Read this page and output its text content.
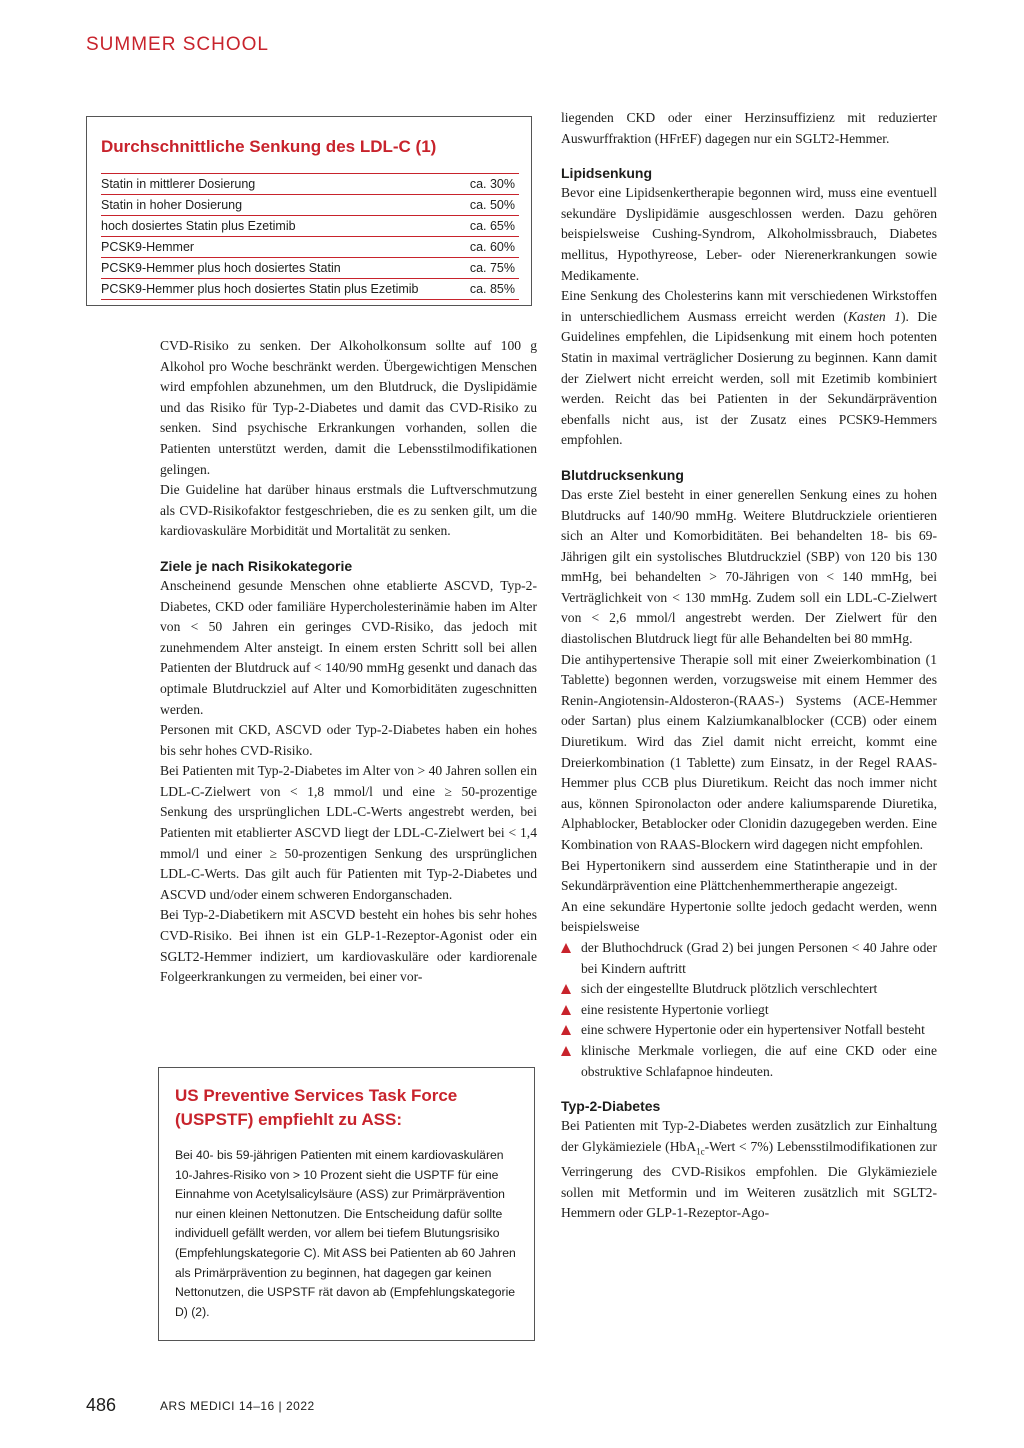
SUMMER SCHOOL
Durchschnittliche Senkung des LDL-C (1)
Statin in mittlerer Dosierung	ca. 30%
Statin in hoher Dosierung	ca. 50%
hoch dosiertes Statin plus Ezetimib	ca. 65%
PCSK9-Hemmer	ca. 60%
PCSK9-Hemmer plus hoch dosiertes Statin	ca. 75%
PCSK9-Hemmer plus hoch dosiertes Statin plus Ezetimib	ca. 85%

CVD-Risiko zu senken. Der Alkoholkonsum sollte auf 100 g Alkohol pro Woche beschränkt werden. Übergewichtigen Menschen wird empfohlen abzunehmen, um den Blutdruck, die Dyslipidämie und das Risiko für Typ-2-Diabetes und damit das CVD-Risiko zu senken. Sind psychische Erkrankungen vorhanden, sollen die Patienten unterstützt werden, damit die Lebensstilmodifikationen gelingen.

Die Guideline hat darüber hinaus erstmals die Luftverschmutzung als CVD-Risikofaktor festgeschrieben, die es zu senken gilt, um die kardiovaskuläre Morbidität und Mortalität zu senken.

Ziele je nach Risikokategorie

Anscheinend gesunde Menschen ohne etablierte ASCVD, Typ-2-Diabetes, CKD oder familiäre Hypercholesterinämie haben im Alter von < 50 Jahren ein geringes CVD-Risiko, das jedoch mit zunehmendem Alter ansteigt. In einem ersten Schritt soll bei allen Patienten der Blutdruck auf < 140/90 mmHg gesenkt und danach das optimale Blutdruckziel auf Alter und Komorbiditäten zugeschnitten werden.

Personen mit CKD, ASCVD oder Typ-2-Diabetes haben ein hohes bis sehr hohes CVD-Risiko.

Bei Patienten mit Typ-2-Diabetes im Alter von > 40 Jahren sollen ein LDL-C-Zielwert von < 1,8 mmol/l und eine ≥ 50-prozentige Senkung des ursprünglichen LDL-C-Werts angestrebt werden, bei Patienten mit etablierter ASCVD liegt der LDL-C-Zielwert bei < 1,4 mmol/l und einer ≥ 50-prozentigen Senkung des ursprünglichen LDL-C-Werts. Das gilt auch für Patienten mit Typ-2-Diabetes und ASCVD und/oder einem schweren Endorganschaden.

Bei Typ-2-Diabetikern mit ASCVD besteht ein hohes bis sehr hohes CVD-Risiko. Bei ihnen ist ein GLP-1-Rezeptor-Agonist oder ein SGLT2-Hemmer indiziert, um kardiovaskuläre oder kardiorenale Folgeerkrankungen zu vermeiden, bei einer vor-

US Preventive Services Task Force (USPSTF) empfiehlt zu ASS:

Bei 40- bis 59-jährigen Patienten mit einem kardiovaskulären 10-Jahres-Risiko von > 10 Prozent sieht die USPTF für eine Einnahme von Acetylsalicylsäure (ASS) zur Primärprävention nur einen kleinen Nettonutzen. Die Entscheidung dafür sollte individuell gefällt werden, vor allem bei tiefem Blutungsrisiko (Empfehlungskategorie C). Mit ASS bei Patienten ab 60 Jahren als Primärprävention zu beginnen, hat dagegen gar keinen Nettonutzen, die USPSTF rät davon ab (Empfehlungskategorie D) (2).

liegenden CKD oder einer Herzinsuffizienz mit reduzierter Auswurffraktion (HFrEF) dagegen nur ein SGLT2-Hemmer.

Lipidsenkung

Bevor eine Lipidsenkertherapie begonnen wird, muss eine eventuell sekundäre Dyslipidämie ausgeschlossen werden. Dazu gehören beispielsweise Cushing-Syndrom, Alkoholmissbrauch, Diabetes mellitus, Hypothyreose, Leber- oder Nierenerkrankungen sowie Medikamente.

Eine Senkung des Cholesterins kann mit verschiedenen Wirkstoffen in unterschiedlichem Ausmass erreicht werden (Kasten 1). Die Guidelines empfehlen, die Lipidsenkung mit einem hoch potenten Statin in maximal verträglicher Dosierung zu beginnen. Kann damit der Zielwert nicht erreicht werden, soll mit Ezetimib kombiniert werden. Reicht das bei Patienten in der Sekundärprävention ebenfalls nicht aus, ist der Zusatz eines PCSK9-Hemmers empfohlen.

Blutdrucksenkung

Das erste Ziel besteht in einer generellen Senkung eines zu hohen Blutdrucks auf 140/90 mmHg. Weitere Blutdruckziele orientieren sich an Alter und Komorbiditäten. Bei behandelten 18- bis 69-Jährigen gilt ein systolisches Blutdruckziel (SBP) von 120 bis 130 mmHg, bei behandelten > 70-Jährigen von < 140 mmHg, bei Verträglichkeit von < 130 mmHg. Zudem soll ein LDL-C-Zielwert von < 2,6 mmol/l angestrebt werden. Der Zielwert für den diastolischen Blutdruck liegt für alle Behandelten bei 80 mmHg.

Die antihypertensive Therapie soll mit einer Zweierkombination (1 Tablette) begonnen werden, vorzugsweise mit einem Hemmer des Renin-Angiotensin-Aldosteron-(RAAS-) Systems (ACE-Hemmer oder Sartan) plus einem Kalziumkanalblocker (CCB) oder einem Diuretikum. Wird das Ziel damit nicht erreicht, kommt eine Dreierkombination (1 Tablette) zum Einsatz, in der Regel RAAS-Hemmer plus CCB plus Diuretikum. Reicht das noch immer nicht aus, können Spironolacton oder andere kaliumsparende Diuretika, Alphablocker, Betablocker oder Clonidin dazugegeben werden. Eine Kombination von RAAS-Blockern wird dagegen nicht empfohlen.

Bei Hypertonikern sind ausserdem eine Statintherapie und in der Sekundärprävention eine Plättchenhemmertherapie angezeigt.

An eine sekundäre Hypertonie sollte jedoch gedacht werden, wenn beispielsweise

der Bluthochdruck (Grad 2) bei jungen Personen < 40 Jahre oder bei Kindern auftritt
sich der eingestellte Blutdruck plötzlich verschlechtert
eine resistente Hypertonie vorliegt
eine schwere Hypertonie oder ein hypertensiver Notfall besteht
klinische Merkmale vorliegen, die auf eine CKD oder eine obstruktive Schlafapnoe hindeuten.
Typ-2-Diabetes

Bei Patienten mit Typ-2-Diabetes werden zusätzlich zur Einhaltung der Glykämieziele (HbA$_{1c}$-Wert < 7%) Lebensstilmodifikationen zur Verringerung des CVD-Risikos empfohlen. Die Glykämieziele sollen mit Metformin und im Weiteren zusätzlich mit SGLT2-Hemmern oder GLP-1-Rezeptor-Ago-

486	ARS MEDICI 14–16 | 2022
